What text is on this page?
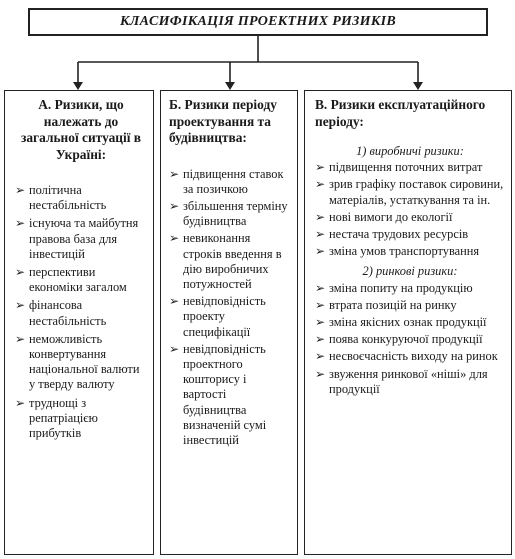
КЛАСИФІКАЦІЯ ПРОЕКТНИХ РИЗИКІВ
А. Ризики, що належать до загальної ситуації в Україні:
➢ політична нестабільність
➢ існуюча та майбутня правова база для інвестицій
➢ перспективи економіки загалом
➢ фінансова нестабільність
➢ неможливість конвертування національної валюти у тверду валюту
➢ труднощі з репатріацією прибутків
Б. Ризики періоду проектування та будівництва:
➢ підвищення ставок за позичкою
➢ збільшення терміну будівництва
➢ невиконання строків введення в дію виробничих потужностей
➢ невідповідність проекту специфікації
➢ невідповідність проектного кошторису і вартості будівництва визначеній сумі інвестицій
В. Ризики експлуатаційного періоду:
1) виробничі ризики:
➢ підвищення поточних витрат
➢ зрив графіку поставок сировини, матеріалів, устаткування та ін.
➢ нові вимоги до екології
➢ нестача трудових ресурсів
➢ зміна умов транспортування
2) ринкові ризики:
➢ зміна попиту на продукцію
➢ втрата позицій на ринку
➢ зміна якісних ознак продукції
➢ поява конкуруючої продукції
➢ несвоєчасність виходу на ринок
➢ звуження ринкової «ніші» для продукції
